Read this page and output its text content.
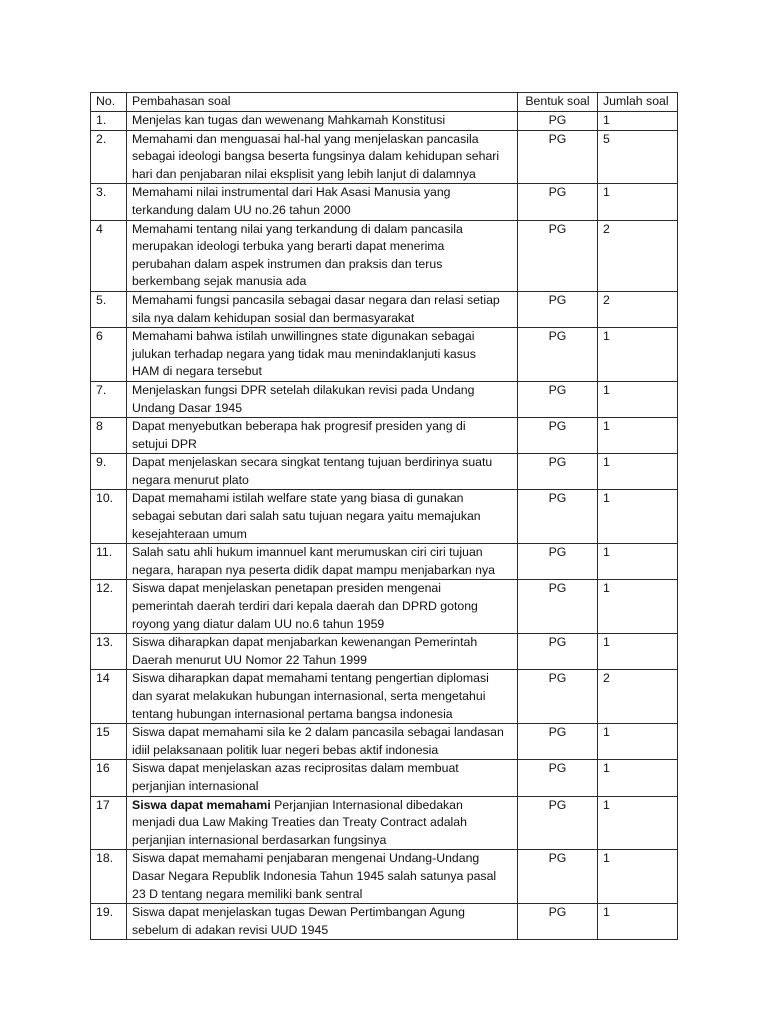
No.	Pembahasan soal	Bentuk soal	Jumlah soal
1.	Menjelas kan tugas dan wewenang Mahkamah Konstitusi	PG	1
2.	Memahami dan menguasai hal-hal yang menjelaskan pancasila
sebagai ideologi bangsa beserta fungsinya dalam kehidupan sehari
hari dan penjabaran nilai eksplisit yang lebih lanjut di dalamnya	PG	5
3.	Memahami nilai instrumental dari Hak Asasi Manusia yang
terkandung dalam UU no.26 tahun 2000	PG	1
4	Memahami tentang nilai yang terkandung di dalam pancasila
merupakan ideologi terbuka yang berarti dapat menerima
perubahan dalam aspek instrumen dan praksis dan terus
berkembang sejak manusia ada	PG	2
5.	Memahami fungsi pancasila sebagai dasar negara dan relasi setiap
sila nya dalam kehidupan sosial dan bermasyarakat	PG	2
6	Memahami bahwa istilah unwillingnes state digunakan sebagai
julukan terhadap negara yang tidak mau menindaklanjuti kasus
HAM di negara tersebut	PG	1
7.	Menjelaskan fungsi DPR setelah dilakukan revisi pada Undang
Undang Dasar 1945	PG	1
8	Dapat menyebutkan beberapa hak progresif presiden yang di
setujui DPR	PG	1
9.	Dapat menjelaskan secara singkat tentang tujuan berdirinya suatu
negara menurut plato	PG	1
10.	Dapat memahami istilah welfare state yang biasa di gunakan
sebagai sebutan dari salah satu tujuan negara yaitu memajukan
kesejahteraan umum	PG	1
11.	Salah satu ahli hukum imannuel kant merumuskan ciri ciri tujuan
negara, harapan nya peserta didik dapat mampu menjabarkan nya	PG	1
12.	Siswa dapat menjelaskan penetapan presiden mengenai
pemerintah daerah terdiri dari kepala daerah dan DPRD gotong
royong yang diatur dalam UU no.6 tahun 1959	PG	1
13.	Siswa diharapkan dapat menjabarkan kewenangan Pemerintah
Daerah menurut UU Nomor 22 Tahun 1999	PG	1
14	Siswa diharapkan dapat memahami tentang pengertian diplomasi
dan syarat melakukan hubungan internasional, serta mengetahui
tentang hubungan internasional pertama bangsa indonesia	PG	2
15	Siswa dapat memahami sila ke 2 dalam pancasila sebagai landasan
idiil pelaksanaan politik luar negeri bebas aktif indonesia	PG	1
16	Siswa dapat menjelaskan azas reciprositas dalam membuat
perjanjian internasional	PG	1
17	Siswa dapat memahami Perjanjian Internasional dibedakan
menjadi dua Law Making Treaties dan Treaty Contract adalah
perjanjian internasional berdasarkan fungsinya	PG	1
18.	Siswa dapat memahami penjabaran mengenai Undang-Undang
Dasar Negara Republik Indonesia Tahun 1945 salah satunya pasal
23 D tentang negara memiliki bank sentral	PG	1
19.	Siswa dapat menjelaskan tugas Dewan Pertimbangan Agung
sebelum di adakan revisi UUD 1945	PG	1
